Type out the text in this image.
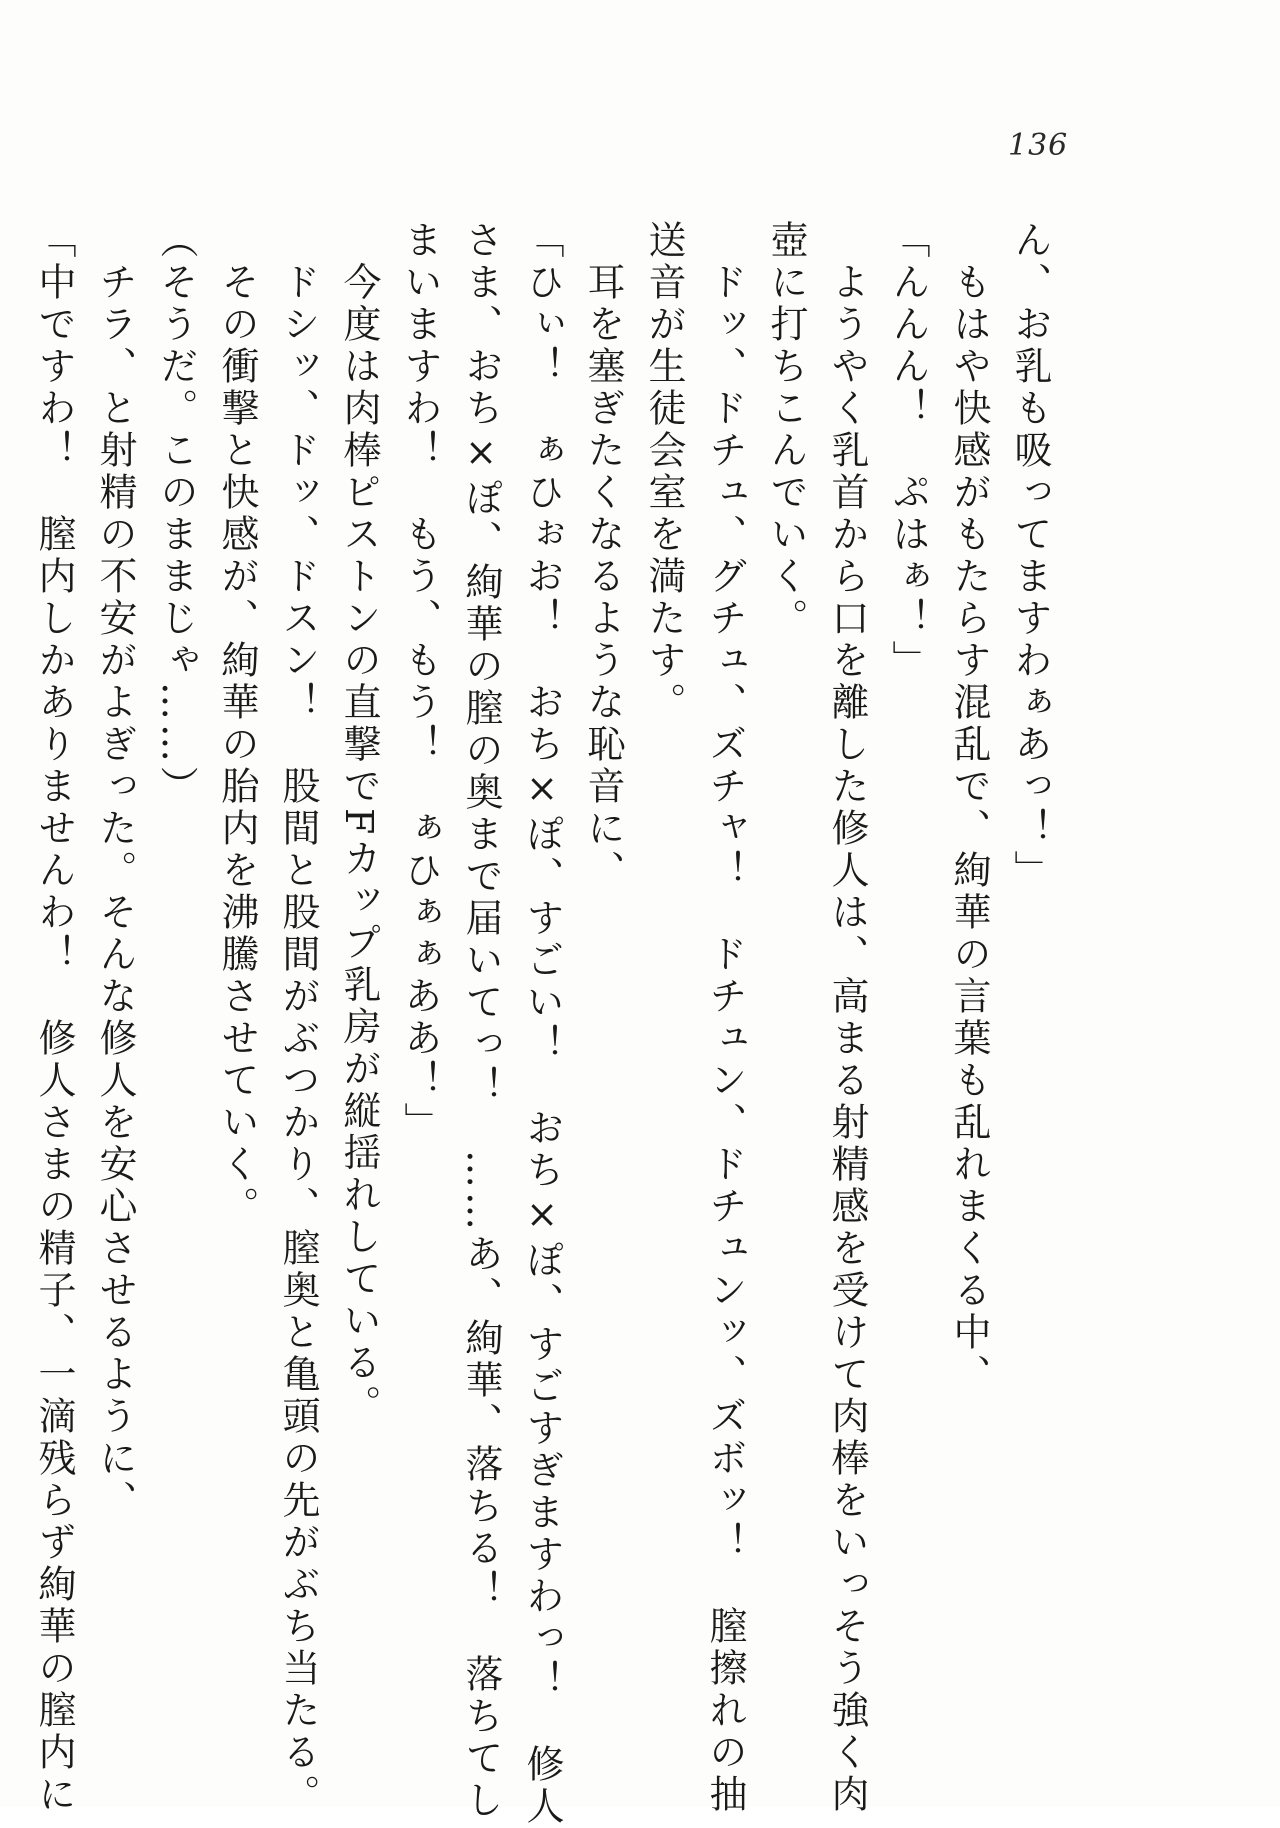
136
ん、お乳も吸ってますわぁあっ！」
　もはや快感がもたらす混乱で、絢華の言葉も乱れまくる中、
「んんん！　ぷはぁ！」
　ようやく乳首から口を離した修人は、高まる射精感を受けて肉棒をいっそう強く肉
壺に打ちこんでいく。
　ドッ、ドチュ、グチュ、ズチャ！　ドチュン、ドチュンッ、ズボッ！　膣擦れの抽
送音が生徒会室を満たす。
　耳を塞ぎたくなるような恥音に、
「ひぃ！　ぁひぉお！　おち×ぽ、すごい！　おち×ぽ、すごすぎますわっ！　修人
さま、おち×ぽ、絢華の膣の奥まで届いてっ！　……あ、絢華、落ちる！　落ちてし
まいますわ！　もう、もう！　ぁひぁぁああ！」
　今度は肉棒ピストンの直撃でFカップ乳房が縦揺れしている。
　ドシッ、ドッ、ドスン！　股間と股間がぶつかり、膣奥と亀頭の先がぶち当たる。
　その衝撃と快感が、絢華の胎内を沸騰させていく。
（そうだ。このままじゃ……）
　チラ、と射精の不安がよぎった。そんな修人を安心させるように、
「中ですわ！　膣内しかありませんわ！　修人さまの精子、一滴残らず絢華の膣内に
